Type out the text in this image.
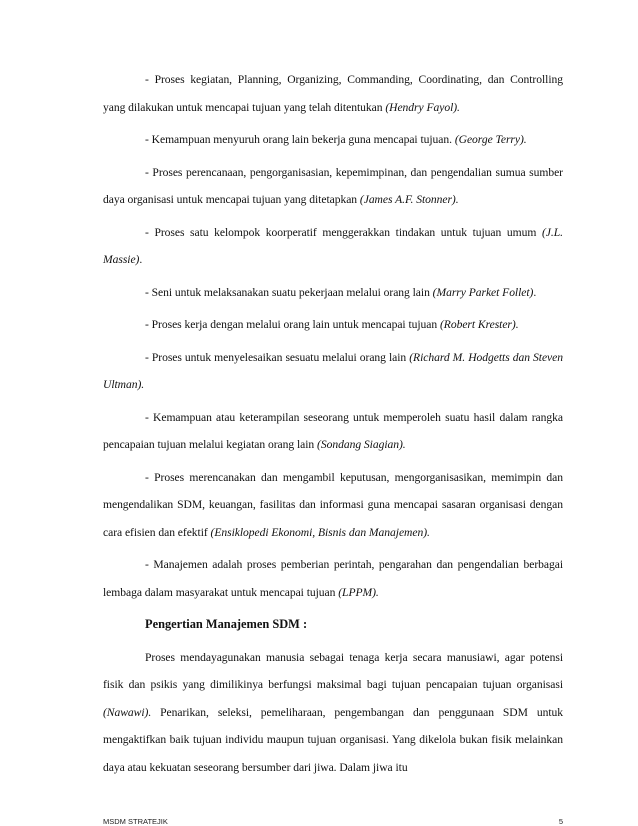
- Proses kegiatan, Planning, Organizing, Commanding, Coordinating, dan Controlling yang dilakukan untuk mencapai tujuan yang telah ditentukan (Hendry Fayol).

- Kemampuan menyuruh orang lain bekerja guna mencapai tujuan. (George Terry).

- Proses perencanaan, pengorganisasian, kepemimpinan, dan pengendalian sumua sumber daya organisasi untuk mencapai tujuan yang ditetapkan (James A.F. Stonner).

- Proses satu kelompok koorperatif menggerakkan tindakan untuk tujuan umum (J.L. Massie).

- Seni untuk melaksanakan suatu pekerjaan melalui orang lain (Marry Parket Follet).

- Proses kerja dengan melalui orang lain untuk mencapai tujuan (Robert Krester).

- Proses untuk menyelesaikan sesuatu melalui orang lain (Richard M. Hodgetts dan Steven Ultman).

- Kemampuan atau keterampilan seseorang untuk memperoleh suatu hasil dalam rangka pencapaian tujuan melalui kegiatan orang lain (Sondang Siagian).

- Proses merencanakan dan mengambil keputusan, mengorganisasikan, memimpin dan mengendalikan SDM, keuangan, fasilitas dan informasi guna mencapai sasaran organisasi dengan cara efisien dan efektif (Ensiklopedi Ekonomi, Bisnis dan Manajemen).

- Manajemen adalah proses pemberian perintah, pengarahan dan pengendalian berbagai lembaga dalam masyarakat untuk mencapai tujuan (LPPM).

Pengertian Manajemen SDM :

Proses mendayagunakan manusia sebagai tenaga kerja secara manusiawi, agar potensi fisik dan psikis yang dimilikinya berfungsi maksimal bagi tujuan pencapaian tujuan organisasi (Nawawi). Penarikan, seleksi, pemeliharaan, pengembangan dan penggunaan SDM untuk mengaktifkan baik tujuan individu maupun tujuan organisasi. Yang dikelola bukan fisik melainkan daya atau kekuatan seseorang bersumber dari jiwa. Dalam jiwa itu

MSDM STRATEJIK	5
